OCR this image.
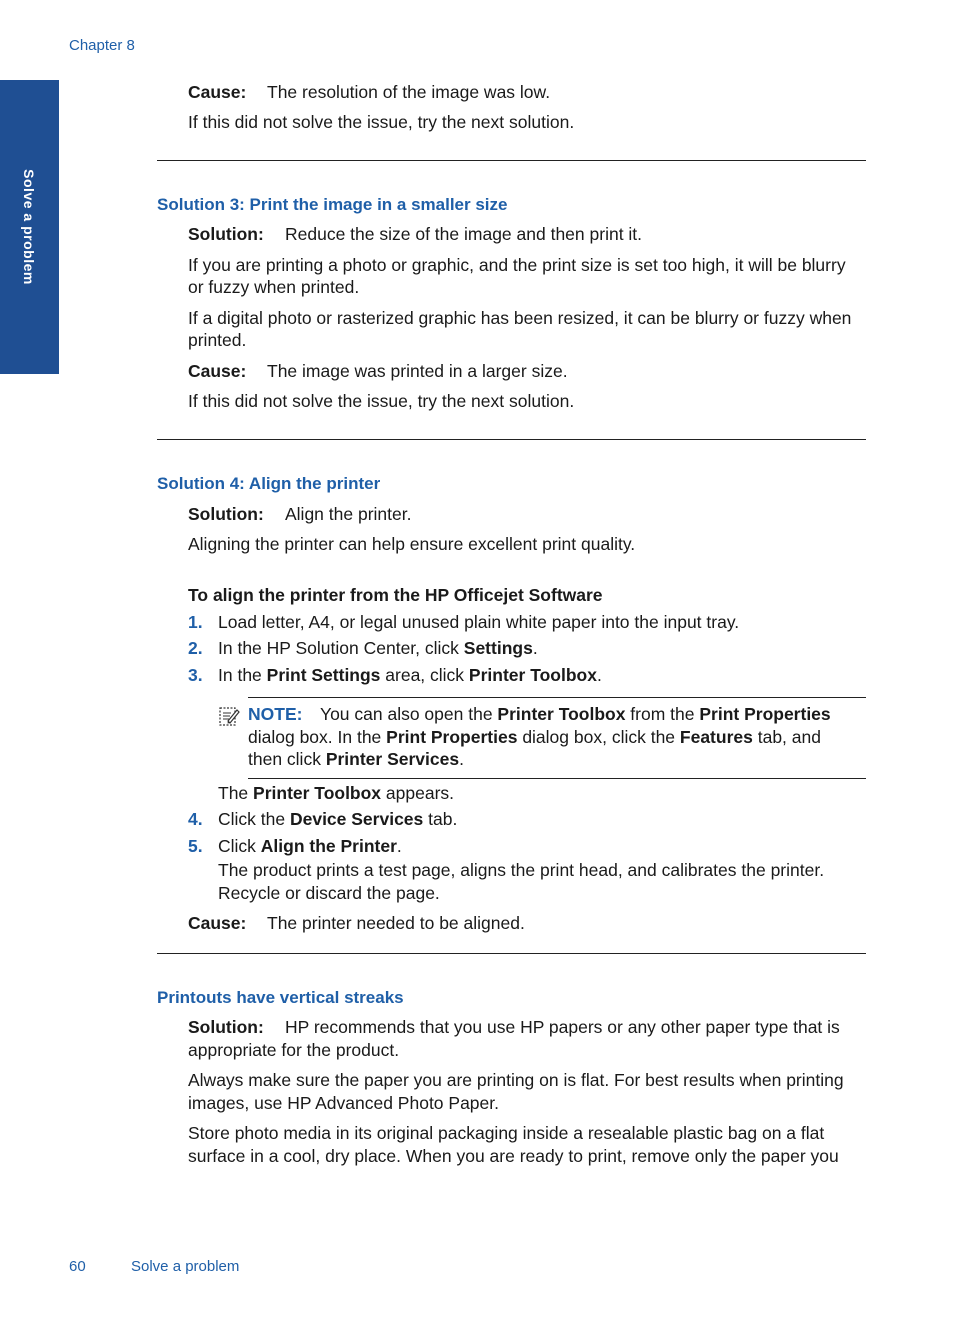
Chapter 8
Solve a problem
Cause: The resolution of the image was low.
If this did not solve the issue, try the next solution.
Solution 3: Print the image in a smaller size
Solution: Reduce the size of the image and then print it.
If you are printing a photo or graphic, and the print size is set too high, it will be blurry
or fuzzy when printed.
If a digital photo or rasterized graphic has been resized, it can be blurry or fuzzy when
printed.
Cause: The image was printed in a larger size.
If this did not solve the issue, try the next solution.
Solution 4: Align the printer
Solution: Align the printer.
Aligning the printer can help ensure excellent print quality.
To align the printer from the HP Officejet Software
1. Load letter, A4, or legal unused plain white paper into the input tray.
2. In the HP Solution Center, click Settings.
3. In the Print Settings area, click Printer Toolbox.
NOTE: You can also open the Printer Toolbox from the Print Properties
dialog box. In the Print Properties dialog box, click the Features tab, and
then click Printer Services.
The Printer Toolbox appears.
4. Click the Device Services tab.
5. Click Align the Printer.
The product prints a test page, aligns the print head, and calibrates the printer.
Recycle or discard the page.
Cause: The printer needed to be aligned.
Printouts have vertical streaks
Solution: HP recommends that you use HP papers or any other paper type that is
appropriate for the product.
Always make sure the paper you are printing on is flat. For best results when printing
images, use HP Advanced Photo Paper.
Store photo media in its original packaging inside a resealable plastic bag on a flat
surface in a cool, dry place. When you are ready to print, remove only the paper you
60	Solve a problem
